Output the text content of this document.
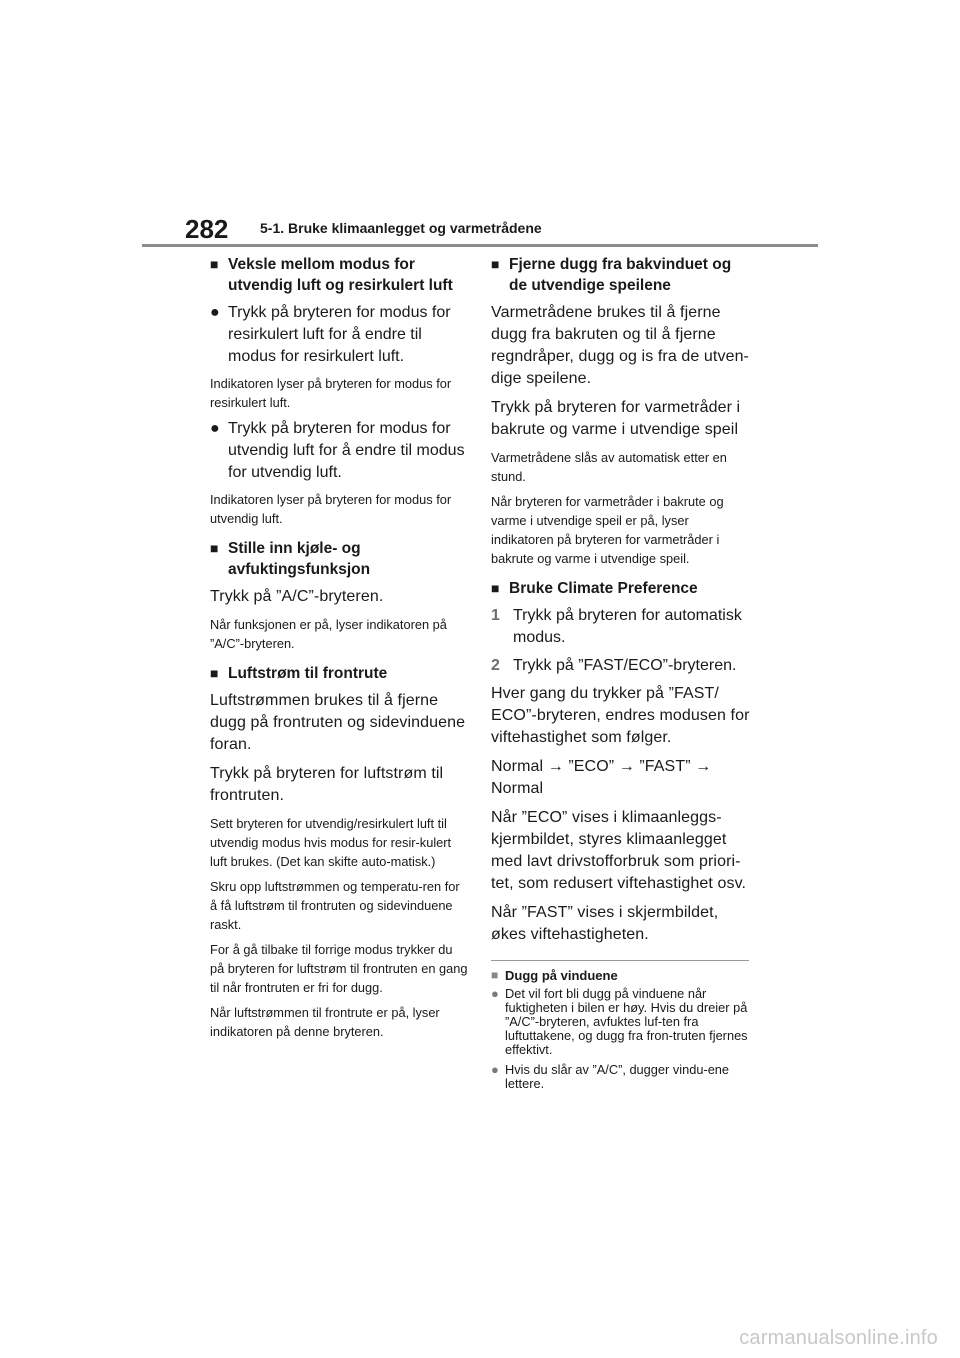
282 5-1. Bruke klimaanlegget og varmetrådene
■ Veksle mellom modus for utvendig luft og resirkulert luft
● Trykk på bryteren for modus for resirkulert luft for å endre til modus for resirkulert luft.
Indikatoren lyser på bryteren for modus for resirkulert luft.
● Trykk på bryteren for modus for utvendig luft for å endre til modus for utvendig luft.
Indikatoren lyser på bryteren for modus for utvendig luft.
■ Stille inn kjøle- og avfuktingsfunksjon
Trykk på ”A/C”-bryteren.
Når funksjonen er på, lyser indikatoren på ”A/C”-bryteren.
■ Luftstrøm til frontrute
Luftstrømmen brukes til å fjerne dugg på frontruten og sidevinduene foran.
Trykk på bryteren for luftstrøm til frontruten.
Sett bryteren for utvendig/resirkulert luft til utvendig modus hvis modus for resir-kulert luft brukes. (Det kan skifte auto-matisk.)
Skru opp luftstrømmen og temperatu-ren for å få luftstrøm til frontruten og sidevinduene raskt.
For å gå tilbake til forrige modus trykker du på bryteren for luftstrøm til frontruten en gang til når frontruten er fri for dugg.
Når luftstrømmen til frontrute er på, lyser indikatoren på denne bryteren.
■ Fjerne dugg fra bakvinduet og de utvendige speilene
Varmetrådene brukes til å fjerne dugg fra bakruten og til å fjerne regndråper, dugg og is fra de utven-dige speilene.
Trykk på bryteren for varmetråder i bakrute og varme i utvendige speil
Varmetrådene slås av automatisk etter en stund.
Når bryteren for varmetråder i bakrute og varme i utvendige speil er på, lyser indikatoren på bryteren for varmetråder i bakrute og varme i utvendige speil.
■ Bruke Climate Preference
1 Trykk på bryteren for automatisk modus.
2 Trykk på ”FAST/ECO”-bryteren.
Hver gang du trykker på ”FAST/ ECO”-bryteren, endres modusen for viftehastighet som følger.
Normal → ”ECO” → ”FAST” → Normal
Når ”ECO” vises i klimaanleggs-kjermbildet, styres klimaanlegget med lavt drivstofforbruk som priori-tet, som redusert viftehastighet osv.
Når ”FAST” vises i skjermbildet, økes viftehastigheten.
■ Dugg på vinduene
● Det vil fort bli dugg på vinduene når fuktigheten i bilen er høy. Hvis du dreier på ”A/C”-bryteren, avfuktes luf-ten fra luftuttakene, og dugg fra fron-truten fjernes effektivt.
● Hvis du slår av ”A/C”, dugger vindu-ene lettere.
carmanualsonline.info
